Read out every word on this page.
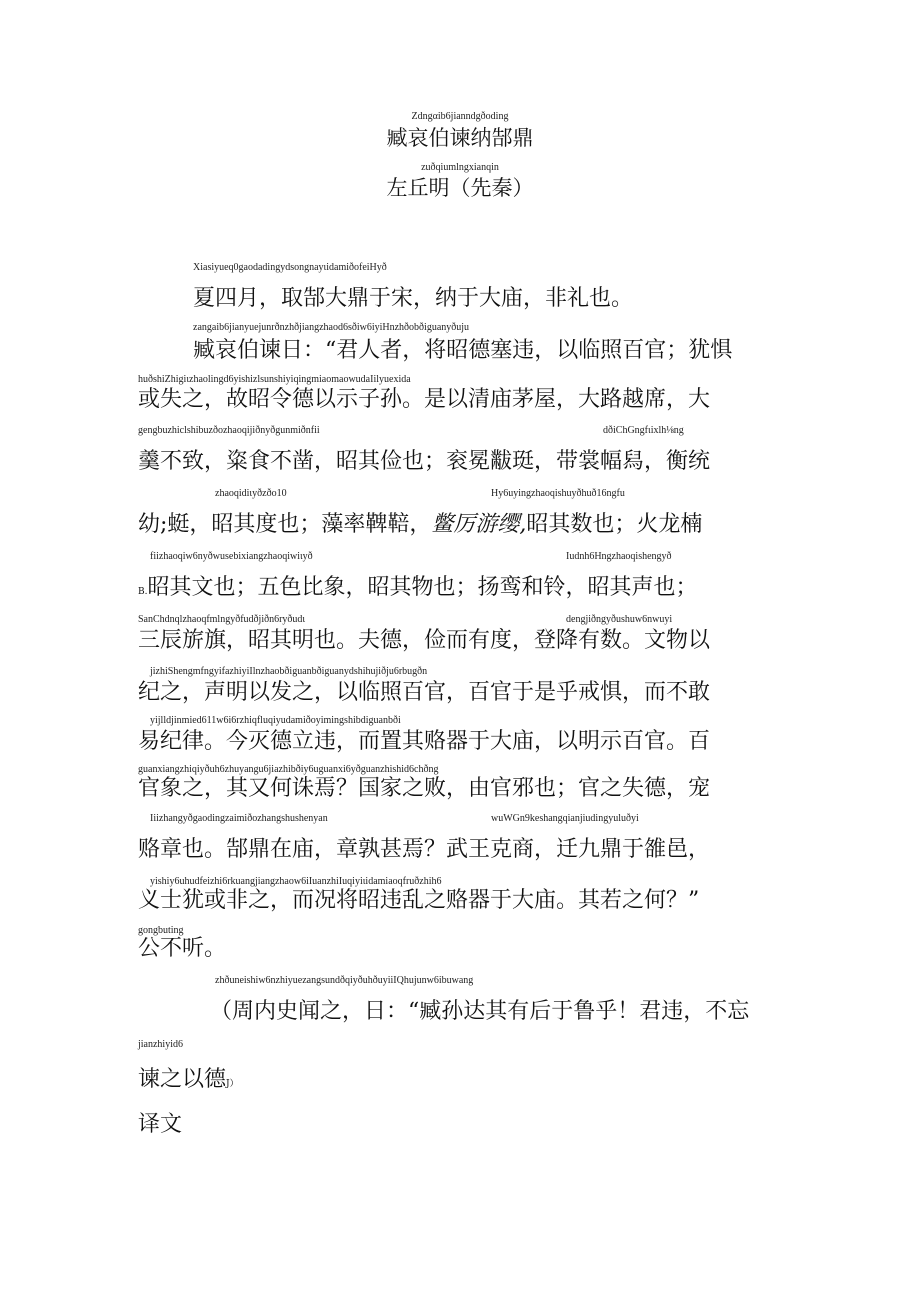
Zdngαib6jianndgðoding
臧哀伯谏纳郜鼎
zuðqiumlngxianqin
左丘明（先秦）
Xiasiyueq0gaodadingydsongnayιidamiðofeiHyð
夏四月，取郜大鼎于宋，纳于大庙，非礼也。
zangaib6jianyuejunrðnzhðjiangzhaod6sðiw6iyiHnzhðobðiguanyðuju
臧哀伯谏日：“君人者，将昭德塞违，以临照百官；犹惧
huðshiZhigiιzhaolingd6yishizlsunshiyiqingmiaomaowudaIilyuexida
或失之，故昭令德以示子孙。是以清庙茅屋，大路越席，大
gengbuzhiclshibuzðozhaoqijiðnyðgunmiðnfii	dðiChGngfιixlh⅛ng
羹不致，粢食不凿，昭其俭也；衮冕黻珽，带裳幅舄，衡统
zhaoqidiιyðzðo10	Hy6uyingzhaoqishuyðhuð16ngfu
幼;蜓，昭其度也；藻率鞞鞛，鳖厉游缨,昭其数也；火龙楠
fiizhaoqiw6nyðwusebixiangzhaoqiwiιyð	Iudnh6Hngzhaoqishengyð
B.昭其文也；五色比象，昭其物也；扬鸾和铃，昭其声也；
SanChdnqlzhaoqfmlngyðfudðjiðn6ryðudι	dengjiðngyðushuw6nwuyi
三辰旂旗，昭其明也。夫德，俭而有度，登降有数。文物以
jizhiShengmfngyifazhiyiIlnzhaobðiguanbðiguanydshihujiðju6rbugðn
纪之，声明以发之，以临照百官，百官于是乎戒惧，而不敢
yiјlldjinmied611w6i6rzhiqfluqiyudamiðoyimingshibdiguanbði
易纪律。今灭德立违，而置其赂器于大庙，以明示百官。百
guanxiangzhiqiyðuh6zhuyangu6jiazhibðiy6uguanxi6yðguanzhishid6chðng
官象之，其又何诛焉？国家之败，由官邪也；官之失德，宠
Iiizhangyðgaodingzaimiðozhangshushenyan	wuWGn9keshangqianjiudingyuluðyi
赂章也。郜鼎在庙，章孰甚焉？武王克商，迁九鼎于雒邑，
yishiy6uhudfeizhi6rkuangjiangzhaow6iIuanzhiIuqiyiιidamiaoqfruðzhih6
义士犹或非之，而况将昭违乱之赂器于大庙。其若之何？”
gongbuting
公不听。
zhðuneishiw6nzhiyuezangsundðqiyðuhðuyiiIQhujunw6ibuwang
（周内史闻之，日：“臧孙达其有后于鲁乎！君违，不忘
jianzhiyid6
谏之以德J）
译文
